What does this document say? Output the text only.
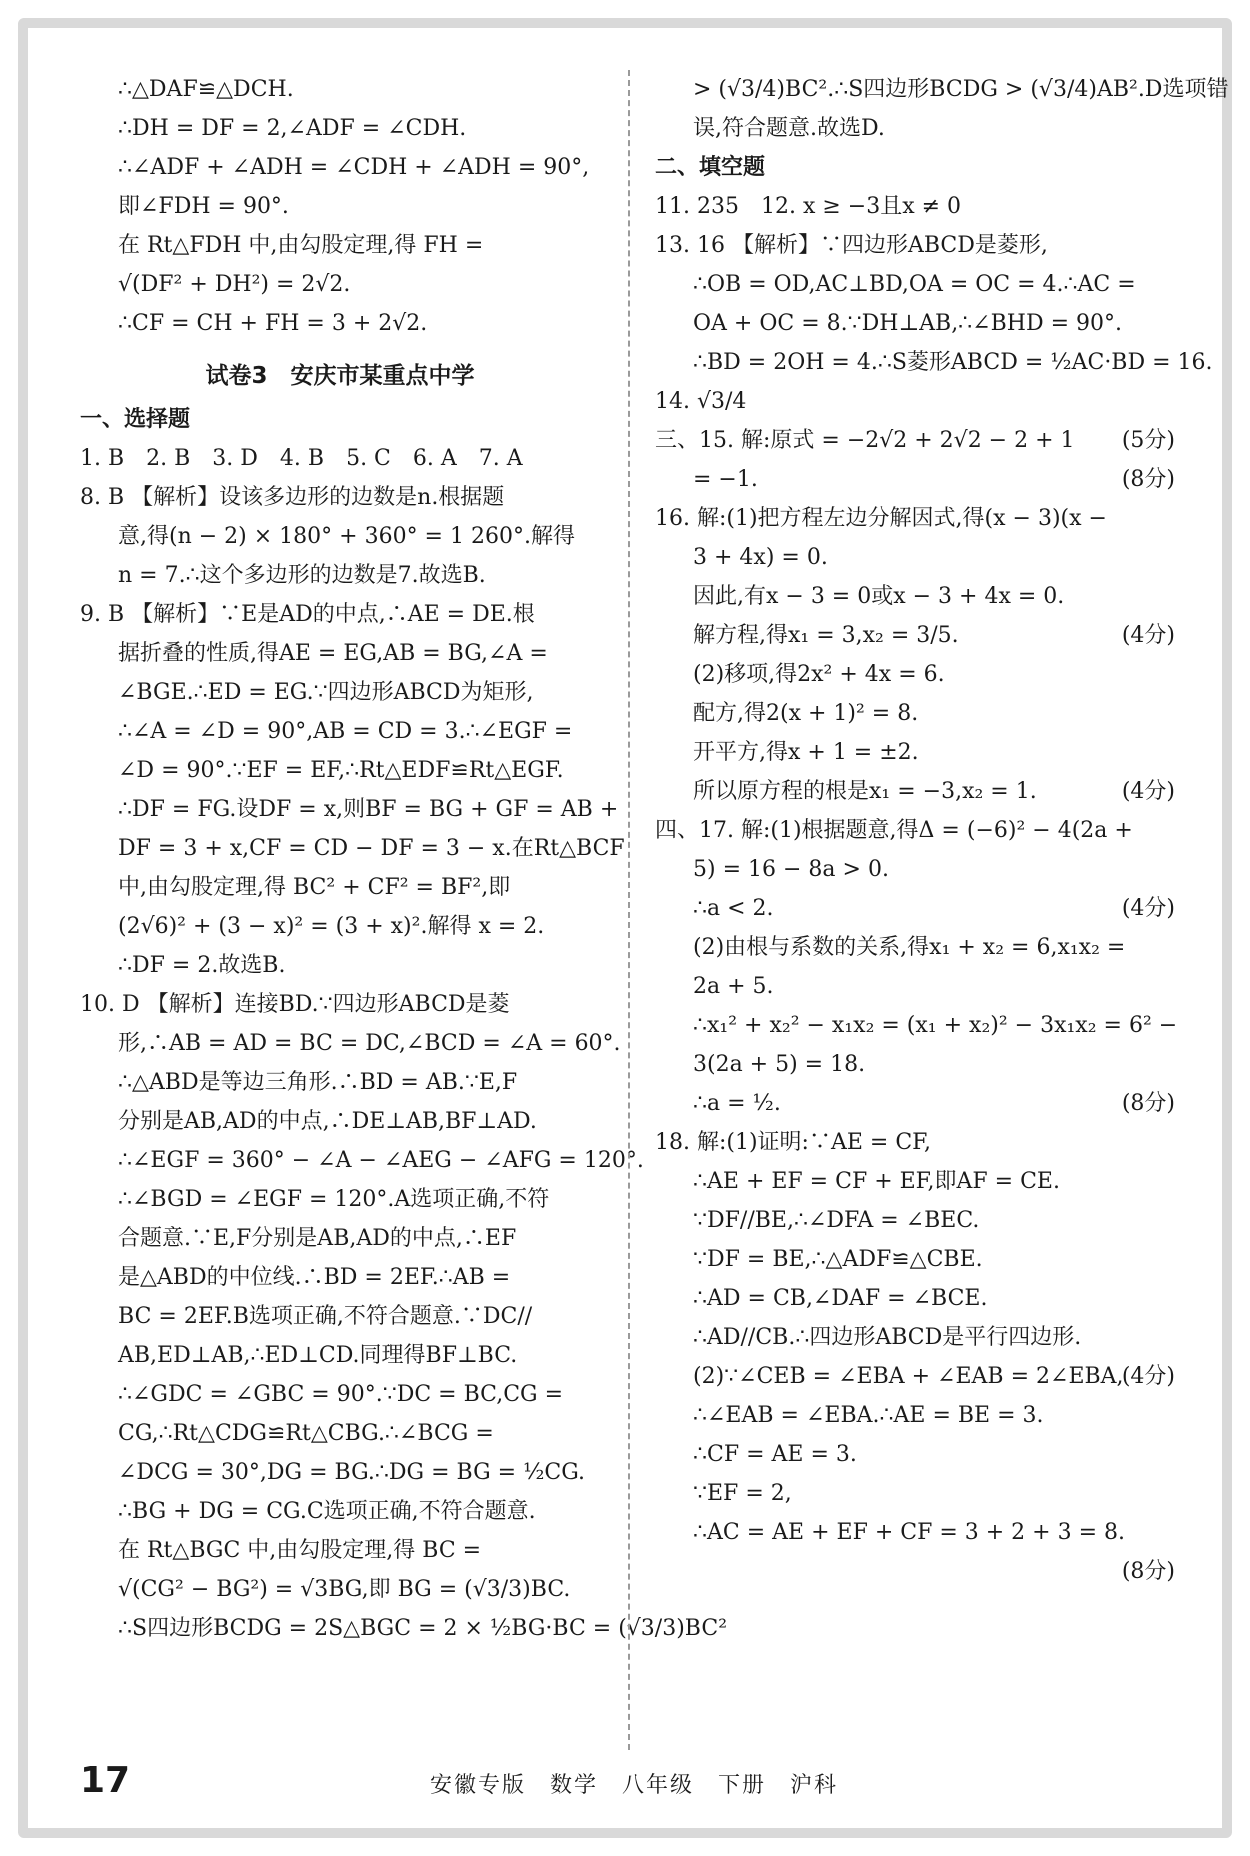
∴△DAF≌△DCH.
∴DH = DF = 2,∠ADF = ∠CDH.
∴∠ADF + ∠ADH = ∠CDH + ∠ADH = 90°,
即∠FDH = 90°.
在 Rt△FDH 中,由勾股定理,得 FH =
√(DF² + DH²) = 2√2.
∴CF = CH + FH = 3 + 2√2.
试卷3　安庆市某重点中学
一、选择题
1. B　2. B　3. D　4. B　5. C　6. A　7. A
8. B 【解析】设该多边形的边数是n.根据题
意,得(n − 2) × 180° + 360° = 1 260°.解得
n = 7.∴这个多边形的边数是7.故选B.
9. B 【解析】∵E是AD的中点,∴AE = DE.根
据折叠的性质,得AE = EG,AB = BG,∠A =
∠BGE.∴ED = EG.∵四边形ABCD为矩形,
∴∠A = ∠D = 90°,AB = CD = 3.∴∠EGF =
∠D = 90°.∵EF = EF,∴Rt△EDF≌Rt△EGF.
∴DF = FG.设DF = x,则BF = BG + GF = AB +
DF = 3 + x,CF = CD − DF = 3 − x.在Rt△BCF
中,由勾股定理,得 BC² + CF² = BF²,即
(2√6)² + (3 − x)² = (3 + x)².解得 x = 2.
∴DF = 2.故选B.
10. D 【解析】连接BD.∵四边形ABCD是菱
形,∴AB = AD = BC = DC,∠BCD = ∠A = 60°.
∴△ABD是等边三角形.∴BD = AB.∵E,F
分别是AB,AD的中点,∴DE⊥AB,BF⊥AD.
∴∠EGF = 360° − ∠A − ∠AEG − ∠AFG = 120°.
∴∠BGD = ∠EGF = 120°.A选项正确,不符
合题意.∵E,F分别是AB,AD的中点,∴EF
是△ABD的中位线.∴BD = 2EF.∴AB =
BC = 2EF.B选项正确,不符合题意.∵DC//
AB,ED⊥AB,∴ED⊥CD.同理得BF⊥BC.
∴∠GDC = ∠GBC = 90°.∵DC = BC,CG =
CG,∴Rt△CDG≌Rt△CBG.∴∠BCG =
∠DCG = 30°,DG = BG.∴DG = BG = ½CG.
∴BG + DG = CG.C选项正确,不符合题意.
在 Rt△BGC 中,由勾股定理,得 BC =
√(CG² − BG²) = √3BG,即 BG = (√3/3)BC.
∴S四边形BCDG = 2S△BGC = 2 × ½BG·BC = (√3/3)BC²
> (√3/4)BC².∴S四边形BCDG > (√3/4)AB².D选项错
误,符合题意.故选D.
二、填空题
11. 235　12. x ≥ −3且x ≠ 0
13. 16 【解析】∵四边形ABCD是菱形,
∴OB = OD,AC⊥BD,OA = OC = 4.∴AC =
OA + OC = 8.∵DH⊥AB,∴∠BHD = 90°.
∴BD = 2OH = 4.∴S菱形ABCD = ½AC·BD = 16.
14. √3/4
三、15. 解:原式 = −2√2 + 2√2 − 2 + 1 (5分)
= −1.	(8分)
16. 解:(1)把方程左边分解因式,得(x − 3)(x −
3 + 4x) = 0.
因此,有x − 3 = 0或x − 3 + 4x = 0.
解方程,得x₁ = 3,x₂ = 3/5.	(4分)
(2)移项,得2x² + 4x = 6.
配方,得2(x + 1)² = 8.
开平方,得x + 1 = ±2.
所以原方程的根是x₁ = −3,x₂ = 1.	(4分)
四、17. 解:(1)根据题意,得Δ = (−6)² − 4(2a +
5) = 16 − 8a > 0.
∴a < 2.	(4分)
(2)由根与系数的关系,得x₁ + x₂ = 6,x₁x₂ =
2a + 5.
∴x₁² + x₂² − x₁x₂ = (x₁ + x₂)² − 3x₁x₂ = 6² −
3(2a + 5) = 18.
∴a = ½.	(8分)
18. 解:(1)证明:∵AE = CF,
∴AE + EF = CF + EF,即AF = CE.
∵DF//BE,∴∠DFA = ∠BEC.
∵DF = BE,∴△ADF≌△CBE.
∴AD = CB,∠DAF = ∠BCE.
∴AD//CB.∴四边形ABCD是平行四边形.
(4分)
(2)∵∠CEB = ∠EBA + ∠EAB = 2∠EBA,
∴∠EAB = ∠EBA.∴AE = BE = 3.
∴CF = AE = 3.
∵EF = 2,
∴AC = AE + EF + CF = 3 + 2 + 3 = 8.
(8分)
17	安徽专版　数学　八年级　下册　沪科
